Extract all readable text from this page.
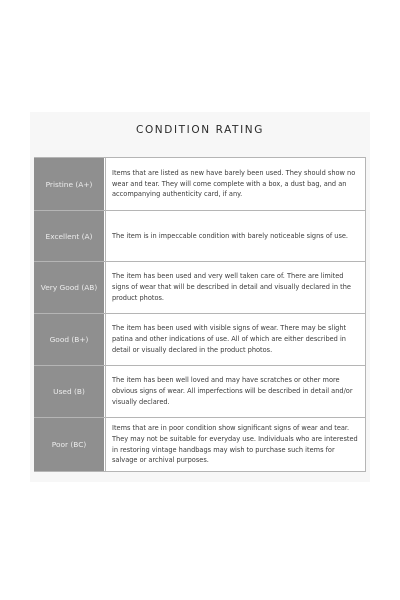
CONDITION RATING
Pristine (A+)
Items that are listed as new have barely been used. They should show no wear and tear. They will come complete with a box, a dust bag, and an accompanying authenticity card, if any.
Excellent (A)	The item is in impeccable condition with barely noticeable signs of use.
Very Good (AB)
The item has been used and very well taken care of. There are limited signs of wear that will be described in detail and visually declared in the product photos.
Good (B+)
The item has been used with visible signs of wear. There may be slight patina and other indications of use. All of which are either described in detail or visually declared in the product photos.
Used (B)
The item has been well loved and may have scratches or other more obvious signs of wear. All imperfections will be described in detail and/or visually declared.
Poor (BC)
Items that are in poor condition show significant signs of wear and tear. They may not be suitable for everyday use. Individuals who are interested in restoring vintage handbags may wish to purchase such items for salvage or archival purposes.
